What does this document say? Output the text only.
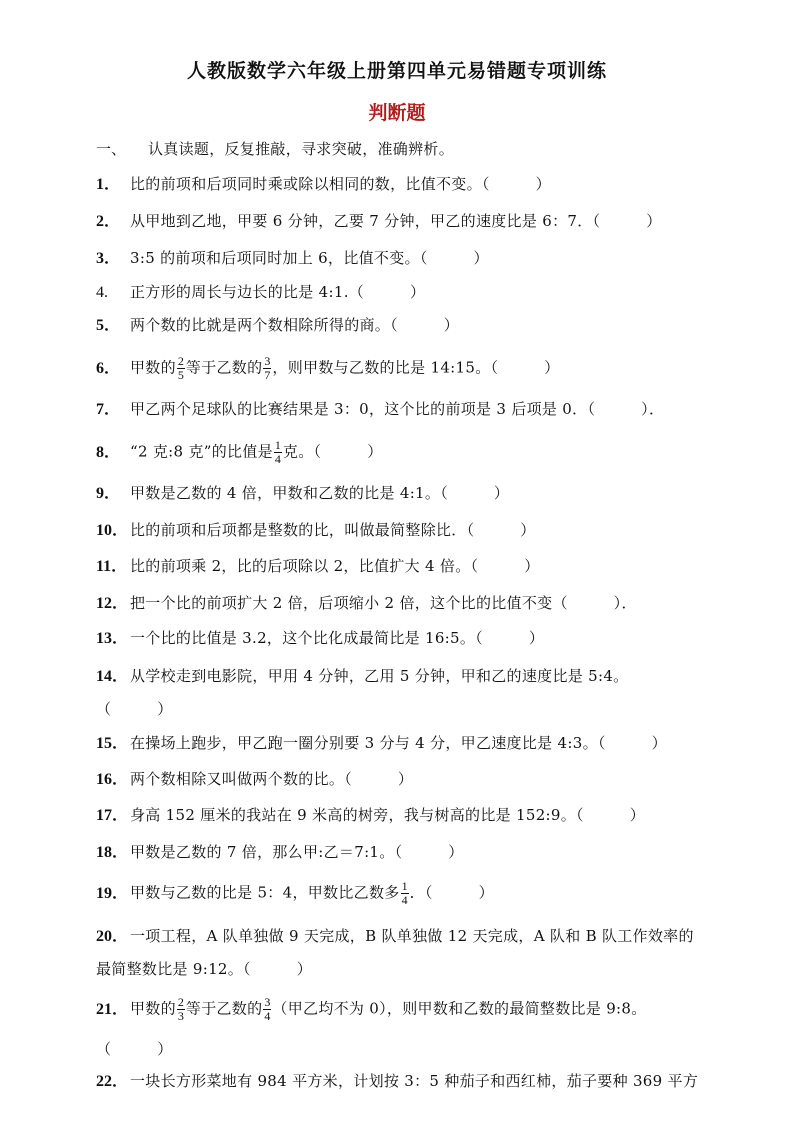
人教版数学六年级上册第四单元易错题专项训练
判断题
一、 认真读题，反复推敲，寻求突破，准确辨析。
1． 比的前项和后项同时乘或除以相同的数，比值不变。（　　　）
2． 从甲地到乙地，甲要 6 分钟，乙要 7 分钟，甲乙的速度比是 6：7．（　　　）
3． 3:5 的前项和后项同时加上 6，比值不变。（　　　）
4. 正方形的周长与边长的比是 4:1.（　　　）
5． 两个数的比就是两个数相除所得的商。（　　　）
6． 甲数的 $\frac{2}{5}$ 等于乙数的 $\frac{3}{7}$ ，则甲数与乙数的比是 14:15。（　　　）
7． 甲乙两个足球队的比赛结果是 3：0，这个比的前项是 3 后项是 0．（　　　）．
8． “2 克:8 克”的比值是 $\frac{1}{4}$ 克。（　　　）
9． 甲数是乙数的 4 倍，甲数和乙数的比是 4:1。（　　　）
10． 比的前项和后项都是整数的比，叫做最简整除比．（　　　）
11． 比的前项乘 2，比的后项除以 2，比值扩大 4 倍。（　　　）
12． 把一个比的前项扩大 2 倍，后项缩小 2 倍，这个比的比值不变（　　　）．
13． 一个比的比值是 3.2，这个比化成最简比是 16:5。（　　　）
14． 从学校走到电影院，甲用 4 分钟，乙用 5 分钟，甲和乙的速度比是 5:4。
（　　　）
15． 在操场上跑步，甲乙跑一圈分别要 3 分与 4 分，甲乙速度比是 4:3。（　　　）
16． 两个数相除又叫做两个数的比。（　　　）
17． 身高 152 厘米的我站在 9 米高的树旁，我与树高的比是 152:9。（　　　）
18． 甲数是乙数的 7 倍，那么甲:乙＝7:1。（　　　）
19． 甲数与乙数的比是 5：4，甲数比乙数多 $\frac{1}{4}$ ．（　　　）
20． 一项工程，A 队单独做 9 天完成，B 队单独做 12 天完成，A 队和 B 队工作效率的
最简整数比是 9:12。（　　　）
21． 甲数的 $\frac{2}{3}$ 等于乙数的 $\frac{3}{4}$ （甲乙均不为 0），则甲数和乙数的最简整数比是 9:8。
（　　　）
22． 一块长方形菜地有 984 平方米，计划按 3：5 种茄子和西红柿，茄子要种 369 平方
